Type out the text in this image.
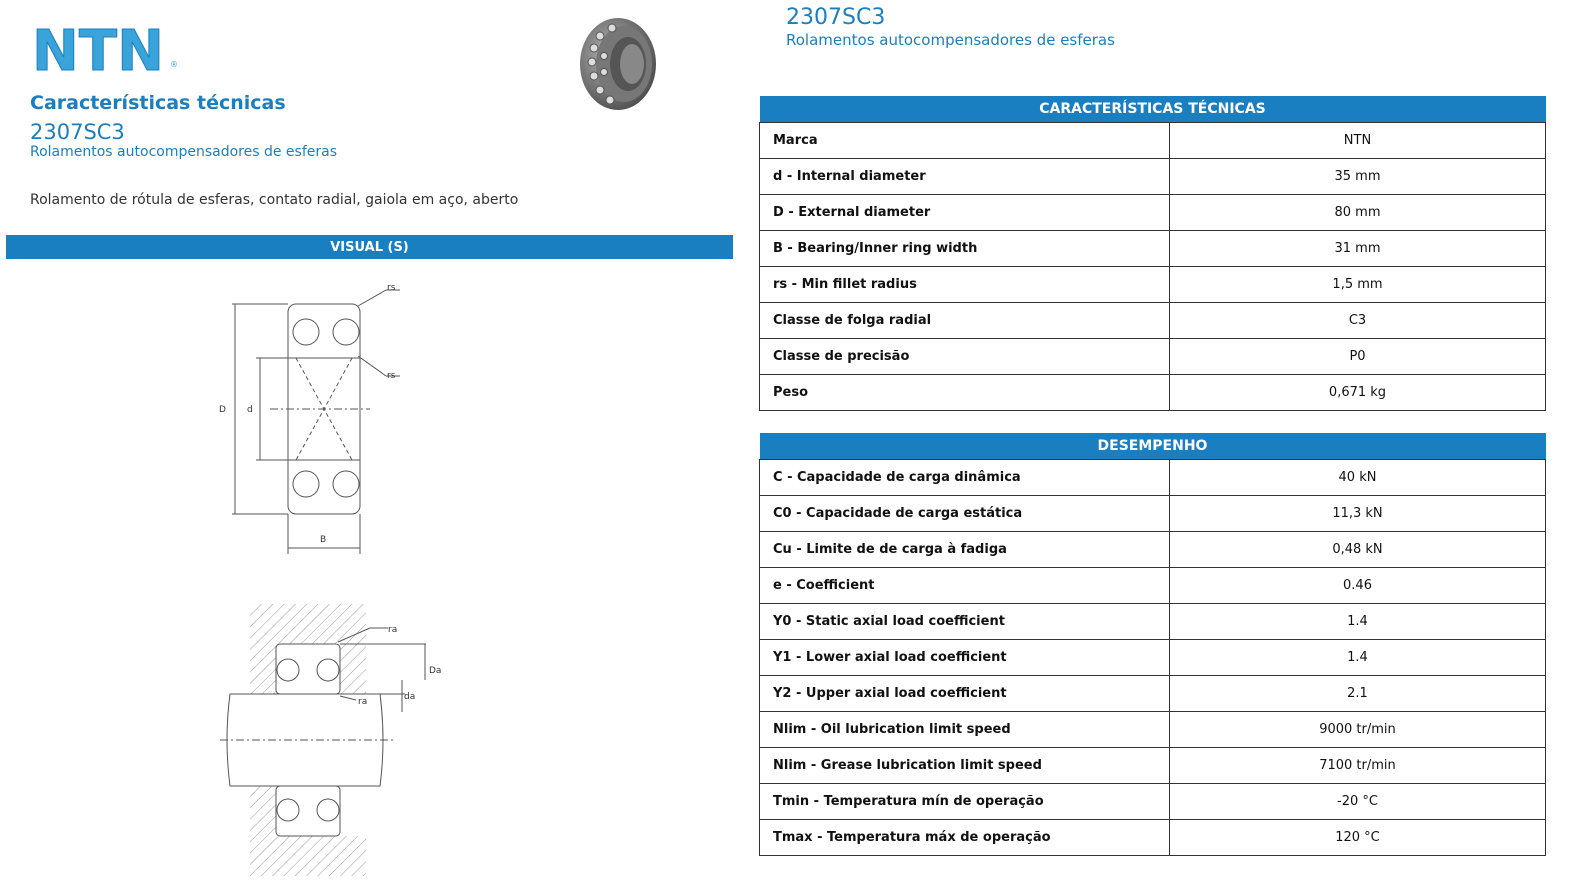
NTN ®
Características técnicas
2307SC3
Rolamentos autocompensadores de esferas
Rolamento de rótula de esferas, contato radial, gaiola em aço, aberto
VISUAL (S)
rs
rs
D d
B
ra
ra
Da
da
2307SC3
Rolamentos autocompensadores de esferas
CARACTERÍSTICAS TÉCNICAS	
Marca	NTN
d - Internal diameter	35 mm
D - External diameter	80 mm
B - Bearing/Inner ring width	31 mm
rs - Min fillet radius	1,5 mm
Classe de folga radial	C3
Classe de precisão	P0
Peso	0,671 kg
DESEMPENHO	
C - Capacidade de carga dinâmica	40 kN
C0 - Capacidade de carga estática	11,3 kN
Cu - Limite de de carga à fadiga	0,48 kN
e - Coefficient	0.46
Y0 - Static axial load coefficient	1.4
Y1 - Lower axial load coefficient	1.4
Y2 - Upper axial load coefficient	2.1
Nlim - Oil lubrication limit speed	9000 tr/min
Nlim - Grease lubrication limit speed	7100 tr/min
Tmin - Temperatura mín de operação	-20 °C
Tmax - Temperatura máx de operação	120 °C
